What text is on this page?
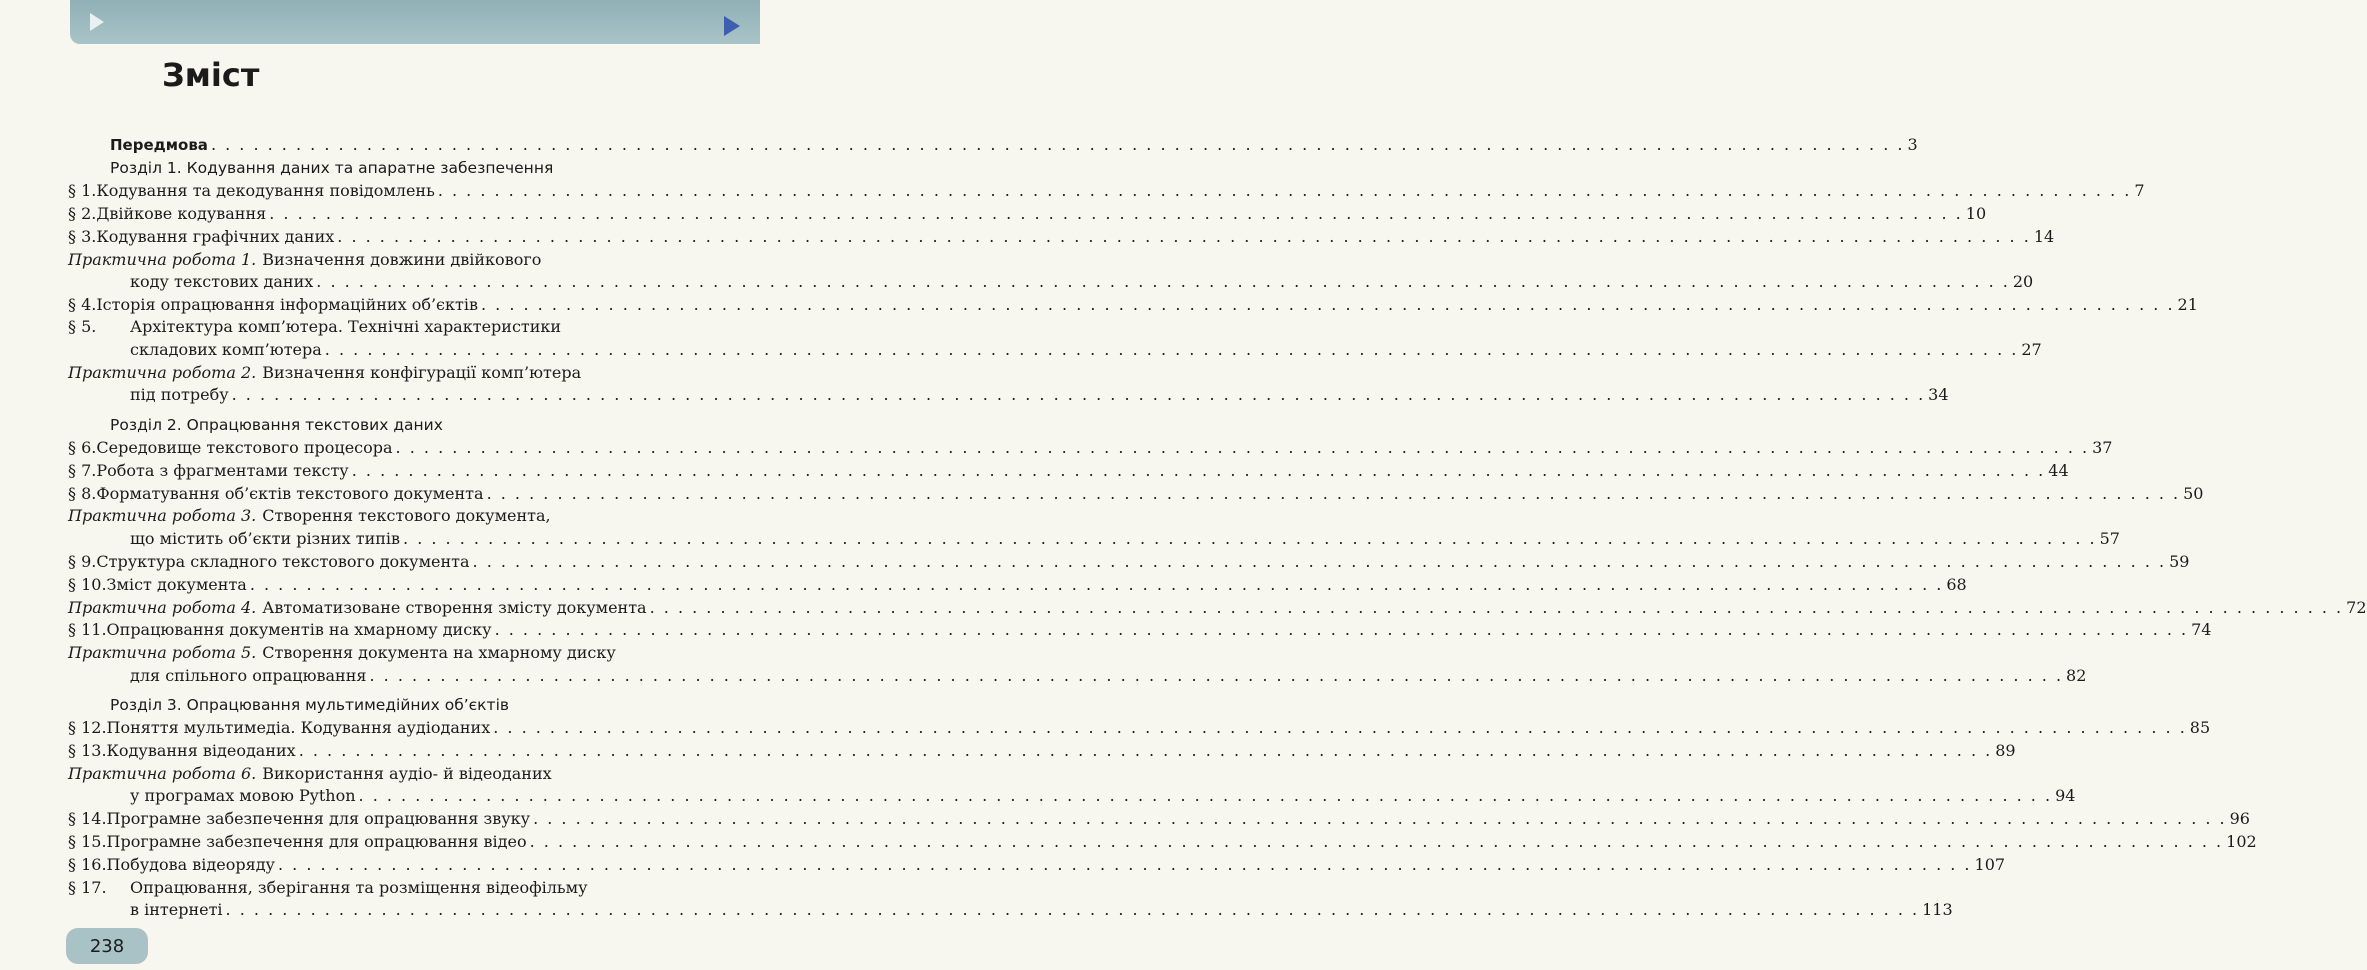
Зміст
Передмова . . . . . . . . . . . . . . . . . . . . . . . . . . . . . . . . . . . . . . . . . . . . . . . . . . . . . . . . . . . . . . . . . . . . . . . . . . . . . . . . . . . . . . . . . . . . . . . . . . . . . . . . . . . . . . . . . . . . . . . . 3
Розділ 1. Кодування даних та апаратне забезпечення
§ 1. Кодування та декодування повідомлень . . . . . . . . . . . . . . . . . . . . . . . . . . . . . . . . . . . . . . . . . . . . . . . . . . . . . . . . . . . . . . . . . . . . . . . . . . . . . . . . . . . . . . . . . . . . . . . . . . . . . . . . . . . . . . . . . . . . . . . . 7
§ 2. Двійкове кодування . . . . . . . . . . . . . . . . . . . . . . . . . . . . . . . . . . . . . . . . . . . . . . . . . . . . . . . . . . . . . . . . . . . . . . . . . . . . . . . . . . . . . . . . . . . . . . . . . . . . . . . . . . . . . . . . . . . . . . . . 10
§ 3. Кодування графічних даних . . . . . . . . . . . . . . . . . . . . . . . . . . . . . . . . . . . . . . . . . . . . . . . . . . . . . . . . . . . . . . . . . . . . . . . . . . . . . . . . . . . . . . . . . . . . . . . . . . . . . . . . . . . . . . . . . . . . . . . . 14
Практична робота 1. Визначення довжини двійкового
коду текстових даних . . . . . . . . . . . . . . . . . . . . . . . . . . . . . . . . . . . . . . . . . . . . . . . . . . . . . . . . . . . . . . . . . . . . . . . . . . . . . . . . . . . . . . . . . . . . . . . . . . . . . . . . . . . . . . . . . . . . . . . . 20
§ 4. Історія опрацювання інформаційних об’єктів . . . . . . . . . . . . . . . . . . . . . . . . . . . . . . . . . . . . . . . . . . . . . . . . . . . . . . . . . . . . . . . . . . . . . . . . . . . . . . . . . . . . . . . . . . . . . . . . . . . . . . . . . . . . . . . . . . . . . . . . 21
§ 5.	Архітектура комп’ютера. Технічні характеристики
складових комп’ютера . . . . . . . . . . . . . . . . . . . . . . . . . . . . . . . . . . . . . . . . . . . . . . . . . . . . . . . . . . . . . . . . . . . . . . . . . . . . . . . . . . . . . . . . . . . . . . . . . . . . . . . . . . . . . . . . . . . . . . . . 27
Практична робота 2. Визначення конфігурації комп’ютера
під потребу . . . . . . . . . . . . . . . . . . . . . . . . . . . . . . . . . . . . . . . . . . . . . . . . . . . . . . . . . . . . . . . . . . . . . . . . . . . . . . . . . . . . . . . . . . . . . . . . . . . . . . . . . . . . . . . . . . . . . . . . 34
Розділ 2. Опрацювання текстових даних
§ 6. Середовище текстового процесора . . . . . . . . . . . . . . . . . . . . . . . . . . . . . . . . . . . . . . . . . . . . . . . . . . . . . . . . . . . . . . . . . . . . . . . . . . . . . . . . . . . . . . . . . . . . . . . . . . . . . . . . . . . . . . . . . . . . . . . . 37
§ 7. Робота з фрагментами тексту . . . . . . . . . . . . . . . . . . . . . . . . . . . . . . . . . . . . . . . . . . . . . . . . . . . . . . . . . . . . . . . . . . . . . . . . . . . . . . . . . . . . . . . . . . . . . . . . . . . . . . . . . . . . . . . . . . . . . . . . 44
§ 8. Форматування об’єктів текстового документа . . . . . . . . . . . . . . . . . . . . . . . . . . . . . . . . . . . . . . . . . . . . . . . . . . . . . . . . . . . . . . . . . . . . . . . . . . . . . . . . . . . . . . . . . . . . . . . . . . . . . . . . . . . . . . . . . . . . . . . . 50
Практична робота 3. Створення текстового документа,
що містить об’єкти різних типів . . . . . . . . . . . . . . . . . . . . . . . . . . . . . . . . . . . . . . . . . . . . . . . . . . . . . . . . . . . . . . . . . . . . . . . . . . . . . . . . . . . . . . . . . . . . . . . . . . . . . . . . . . . . . . . . . . . . . . . . 57
§ 9. Структура складного текстового документа . . . . . . . . . . . . . . . . . . . . . . . . . . . . . . . . . . . . . . . . . . . . . . . . . . . . . . . . . . . . . . . . . . . . . . . . . . . . . . . . . . . . . . . . . . . . . . . . . . . . . . . . . . . . . . . . . . . . . . . . 59
§ 10. Зміст документа . . . . . . . . . . . . . . . . . . . . . . . . . . . . . . . . . . . . . . . . . . . . . . . . . . . . . . . . . . . . . . . . . . . . . . . . . . . . . . . . . . . . . . . . . . . . . . . . . . . . . . . . . . . . . . . . . . . . . . . . 68
Практична робота 4. Автоматизоване створення змісту документа . . . . . . . . . . . . . . . . . . . . . . . . . . . . . . . . . . . . . . . . . . . . . . . . . . . . . . . . . . . . . . . . . . . . . . . . . . . . . . . . . . . . . . . . . . . . . . . . . . . . . . . . . . . . . . . . . . . . . . . . 72
§ 11. Опрацювання документів на хмарному диску . . . . . . . . . . . . . . . . . . . . . . . . . . . . . . . . . . . . . . . . . . . . . . . . . . . . . . . . . . . . . . . . . . . . . . . . . . . . . . . . . . . . . . . . . . . . . . . . . . . . . . . . . . . . . . . . . . . . . . . . 74
Практична робота 5. Створення документа на хмарному диску
для спільного опрацювання . . . . . . . . . . . . . . . . . . . . . . . . . . . . . . . . . . . . . . . . . . . . . . . . . . . . . . . . . . . . . . . . . . . . . . . . . . . . . . . . . . . . . . . . . . . . . . . . . . . . . . . . . . . . . . . . . . . . . . . . 82
Розділ 3. Опрацювання мультимедійних об’єктів
§ 12. Поняття мультимедіа. Кодування аудіоданих . . . . . . . . . . . . . . . . . . . . . . . . . . . . . . . . . . . . . . . . . . . . . . . . . . . . . . . . . . . . . . . . . . . . . . . . . . . . . . . . . . . . . . . . . . . . . . . . . . . . . . . . . . . . . . . . . . . . . . . . 85
§ 13. Кодування відеоданих . . . . . . . . . . . . . . . . . . . . . . . . . . . . . . . . . . . . . . . . . . . . . . . . . . . . . . . . . . . . . . . . . . . . . . . . . . . . . . . . . . . . . . . . . . . . . . . . . . . . . . . . . . . . . . . . . . . . . . . . 89
Практична робота 6. Використання аудіо- й відеоданих
у програмах мовою Python . . . . . . . . . . . . . . . . . . . . . . . . . . . . . . . . . . . . . . . . . . . . . . . . . . . . . . . . . . . . . . . . . . . . . . . . . . . . . . . . . . . . . . . . . . . . . . . . . . . . . . . . . . . . . . . . . . . . . . . . 94
§ 14. Програмне забезпечення для опрацювання звуку . . . . . . . . . . . . . . . . . . . . . . . . . . . . . . . . . . . . . . . . . . . . . . . . . . . . . . . . . . . . . . . . . . . . . . . . . . . . . . . . . . . . . . . . . . . . . . . . . . . . . . . . . . . . . . . . . . . . . . . . 96
§ 15. Програмне забезпечення для опрацювання відео . . . . . . . . . . . . . . . . . . . . . . . . . . . . . . . . . . . . . . . . . . . . . . . . . . . . . . . . . . . . . . . . . . . . . . . . . . . . . . . . . . . . . . . . . . . . . . . . . . . . . . . . . . . . . . . . . . . . . . . . 102
§ 16. Побудова відеоряду . . . . . . . . . . . . . . . . . . . . . . . . . . . . . . . . . . . . . . . . . . . . . . . . . . . . . . . . . . . . . . . . . . . . . . . . . . . . . . . . . . . . . . . . . . . . . . . . . . . . . . . . . . . . . . . . . . . . . . . . 107
§ 17.	Опрацювання, зберігання та розміщення відеофільму
в інтернеті . . . . . . . . . . . . . . . . . . . . . . . . . . . . . . . . . . . . . . . . . . . . . . . . . . . . . . . . . . . . . . . . . . . . . . . . . . . . . . . . . . . . . . . . . . . . . . . . . . . . . . . . . . . . . . . . . . . . . . . . 113
238
